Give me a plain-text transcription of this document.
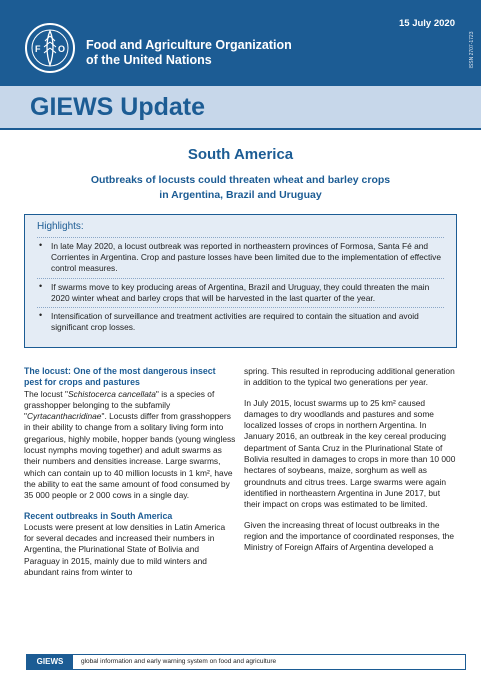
F O Food and Agriculture Organization
of the United Nations
15 July 2020
ISSN 2707-1723
GIEWS Update
South America
Outbreaks of locusts could threaten wheat and barley crops
in Argentina, Brazil and Uruguay
Highlights:
• In late May 2020, a locust outbreak was reported in northeastern provinces of Formosa, Santa Fé and Corrientes in Argentina. Crop and pasture losses have been limited due to the implementation of effective control measures.
• If swarms move to key producing areas of Argentina, Brazil and Uruguay, they could threaten the main 2020 winter wheat and barley crops that will be harvested in the last quarter of the year.
• Intensification of surveillance and treatment activities are required to contain the situation and avoid significant crop losses.
The locust: One of the most dangerous insect pest for crops and pastures

The locust "Schistocerca cancellata" is a species of grasshopper belonging to the subfamily "Cyrtacanthacridinae". Locusts differ from grasshoppers in their ability to change from a solitary living form into gregarious, highly mobile, hopper bands (young wingless locust nymphs moving together) and adult swarms as their numbers and densities increase. Large swarms, which can contain up to 40 million locusts in 1 km², have the ability to eat the same amount of food consumed by 35 000 people or 2 000 cows in a single day.

Recent outbreaks in South America

Locusts were present at low densities in Latin America for several decades and increased their numbers in Argentina, the Plurinational State of Bolivia and Paraguay in 2015, mainly due to mild winters and abundant rains from winter to

spring. This resulted in reproducing additional generation in addition to the typical two generations per year.

In July 2015, locust swarms up to 25 km² caused damages to dry woodlands and pastures and some localized losses of crops in northern Argentina. In January 2016, an outbreak in the key cereal producing department of Santa Cruz in the Plurinational State of Bolivia resulted in damages to crops in more than 10 000 hectares of soybeans, maize, sorghum as well as groundnuts and citrus trees. Large swarms were again identified in northeastern Argentina in June 2017, but their impact on crops was estimated to be limited.

Given the increasing threat of locust outbreaks in the region and the importance of coordinated responses, the Ministry of Foreign Affairs of Argentina developed a

GIEWS	global information and early warning system on food and agriculture
